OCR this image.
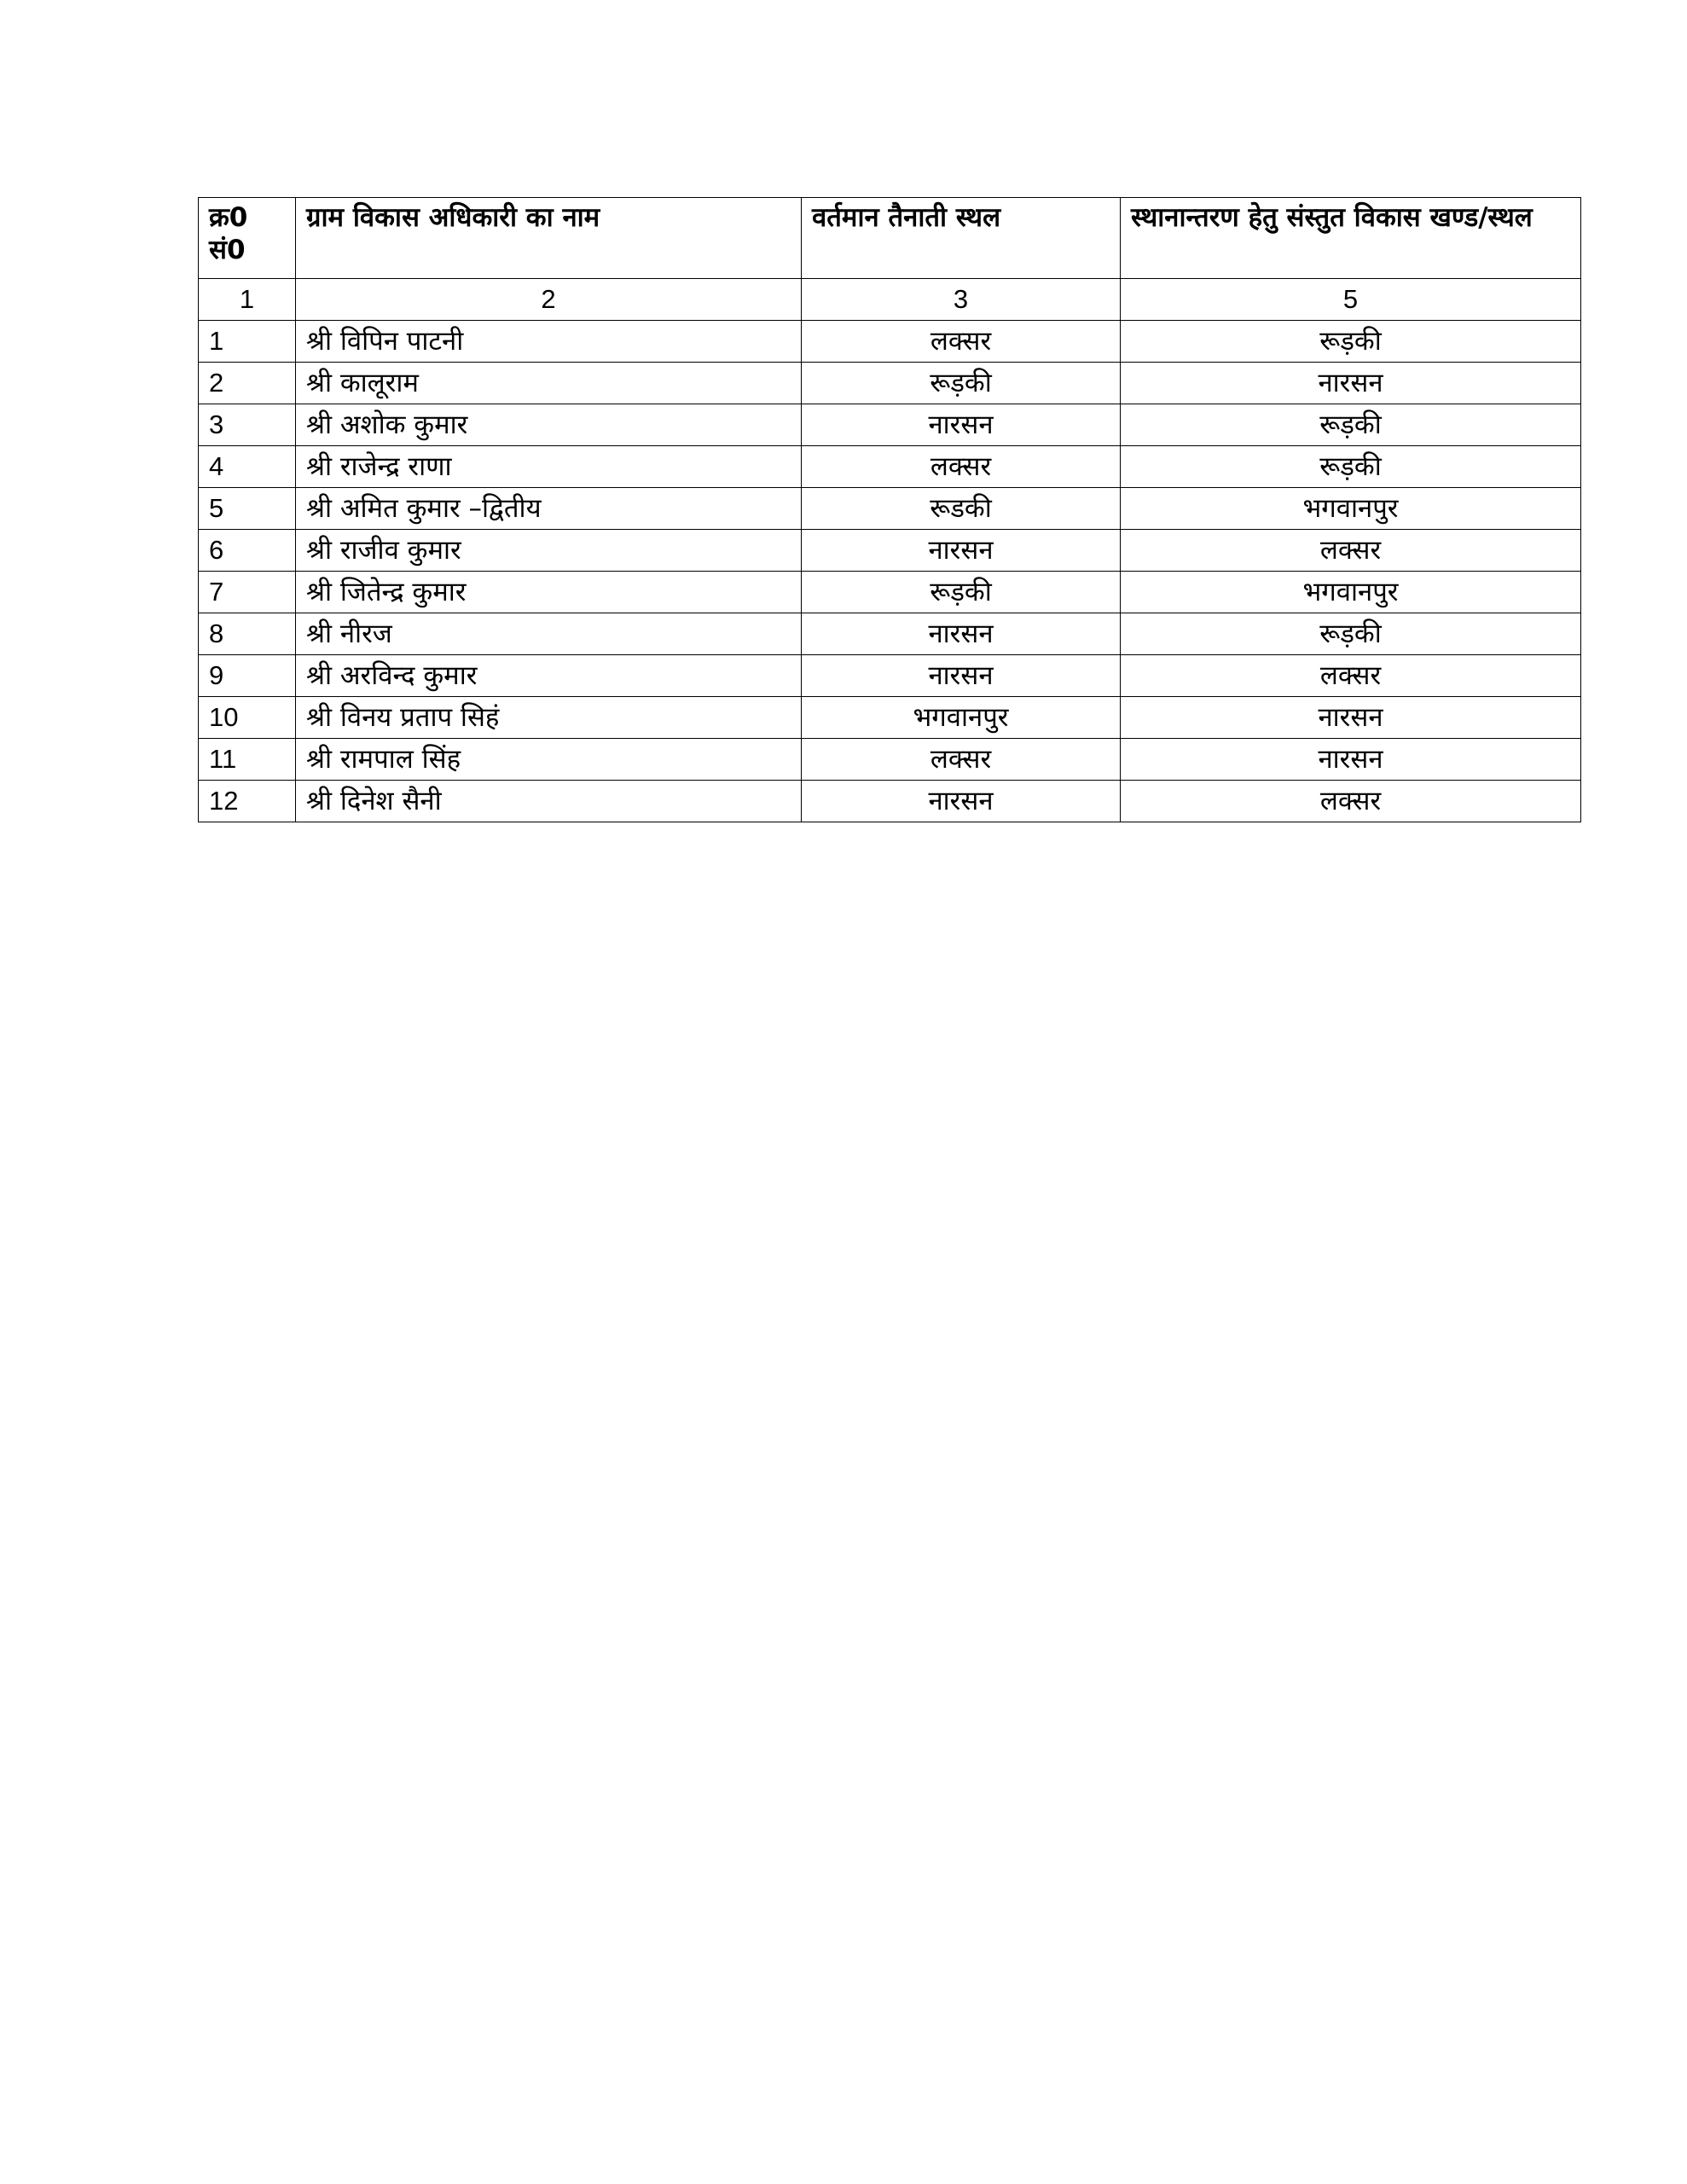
क्र0 सं0	ग्राम विकास अधिकारी का नाम	वर्तमान तैनाती स्थल	स्थानान्तरण हेतु संस्तुत विकास खण्ड/स्थल
1	2	3	5
1	श्री विपिन पाटनी	लक्सर	रूड़की
2	श्री कालूराम	रूड़की	नारसन
3	श्री अशोक कुमार	नारसन	रूड़की
4	श्री राजेन्द्र राणा	लक्सर	रूड़की
5	श्री अमित कुमार –द्वितीय	रूडकी	भगवानपुर
6	श्री राजीव कुमार	नारसन	लक्सर
7	श्री जितेन्द्र कुमार	रूड़की	भगवानपुर
8	श्री नीरज	नारसन	रूड़की
9	श्री अरविन्द कुमार	नारसन	लक्सर
10	श्री विनय प्रताप सिहं	भगवानपुर	नारसन
11	श्री रामपाल सिंह	लक्सर	नारसन
12	श्री दिनेश सैनी	नारसन	लक्सर
